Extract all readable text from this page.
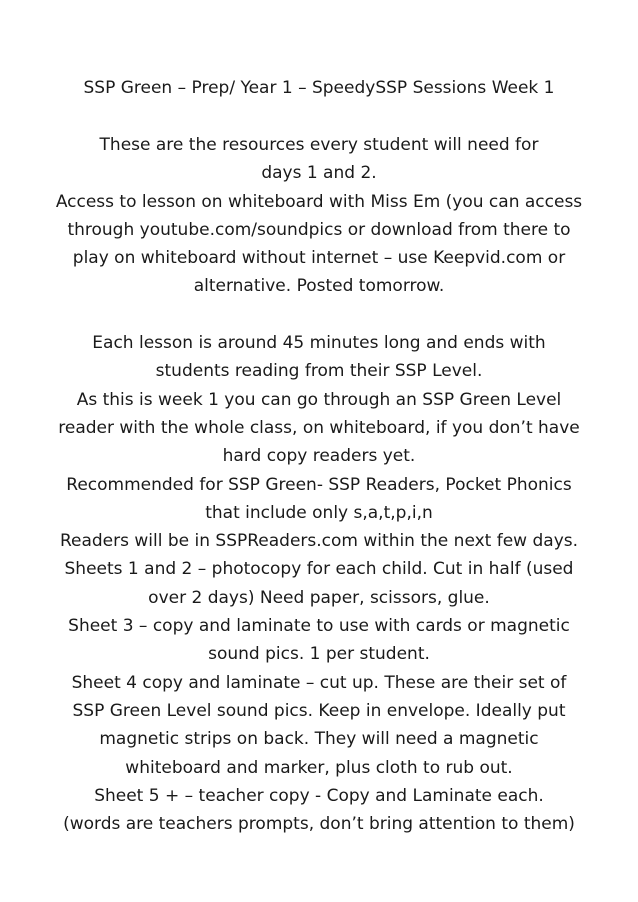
SSP Green – Prep/ Year 1 – SpeedySSP Sessions Week 1
These are the resources every student will need for
days 1 and 2.
Access to lesson on whiteboard with Miss Em (you can access
through youtube.com/soundpics or download from there to
play on whiteboard without internet – use Keepvid.com or
alternative. Posted tomorrow.
Each lesson is around 45 minutes long and ends with
students reading from their SSP Level.
As this is week 1 you can go through an SSP Green Level
reader with the whole class, on whiteboard, if you don’t have
hard copy readers yet.
Recommended for SSP Green- SSP Readers, Pocket Phonics
that include only s,a,t,p,i,n
Readers will be in SSPReaders.com within the next few days.
Sheets 1 and 2 – photocopy for each child. Cut in half (used
over 2 days) Need paper, scissors, glue.
Sheet 3 – copy and laminate to use with cards or magnetic
sound pics. 1 per student.
Sheet 4 copy and laminate – cut up. These are their set of
SSP Green Level sound pics. Keep in envelope. Ideally put
magnetic strips on back. They will need a magnetic
whiteboard and marker, plus cloth to rub out.
Sheet 5 + – teacher copy - Copy and Laminate each.
(words are teachers prompts, don’t bring attention to them)
